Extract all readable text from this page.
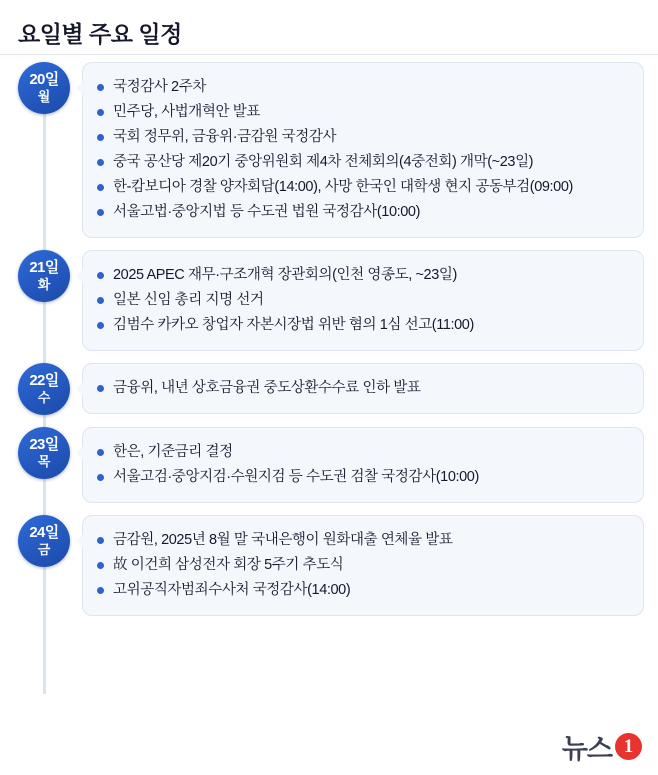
요일별 주요 일정
20일
월
국정감사 2주차
민주당, 사법개혁안 발표
국회 정무위, 금융위·금감원 국정감사
중국 공산당 제20기 중앙위원회 제4차 전체회의(4중전회) 개막(~23일)
한-캄보디아 경찰 양자회담(14:00), 사망 한국인 대학생 현지 공동부검(09:00)
서울고법·중앙지법 등 수도권 법원 국정감사(10:00)
21일
화
2025 APEC 재무·구조개혁 장관회의(인천 영종도, ~23일)
일본 신임 총리 지명 선거
김범수 카카오 창업자 자본시장법 위반 혐의 1심 선고(11:00)
22일
수
금융위, 내년 상호금융권 중도상환수수료 인하 발표
23일
목
한은, 기준금리 결정
서울고검·중앙지검·수원지검 등 수도권 검찰 국정감사(10:00)
24일
금
금감원, 2025년 8월 말 국내은행이 원화대출 연체율 발표
故 이건희 삼성전자 회장 5주기 추도식
고위공직자범죄수사처 국정감사(14:00)
뉴스 1
